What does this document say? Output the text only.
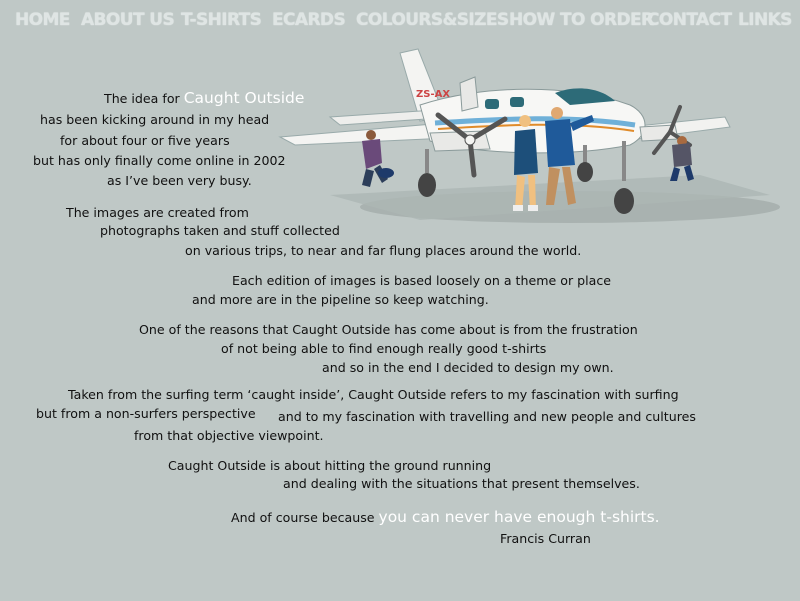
HOME ABOUT US T-SHIRTS ECARDS COLOURS&SIZES HOW TO ORDER
CONTACT LINKS
ZS-AX
The idea for Caught Outside
has been kicking around in my head
for about four or five years
but has only finally come online in 2002
as I’ve been very busy.
The images are created from
photographs taken and stuff collected
on various trips, to near and far flung places around the world.
Each edition of images is based loosely on a theme or place
and more are in the pipeline so keep watching.
One of the reasons that Caught Outside has come about is from the frustration
of not being able to find enough really good t-shirts
and so in the end I decided to design my own.
Taken from the surfing term ‘caught inside’, Caught Outside refers to my fascination with surfing
but from a non-surfers perspective and to my fascination with travelling and new people and cultures
from that objective viewpoint.
Caught Outside is about hitting the ground running
and dealing with the situations that present themselves.
And of course because you can never have enough t-shirts.
Francis Curran
